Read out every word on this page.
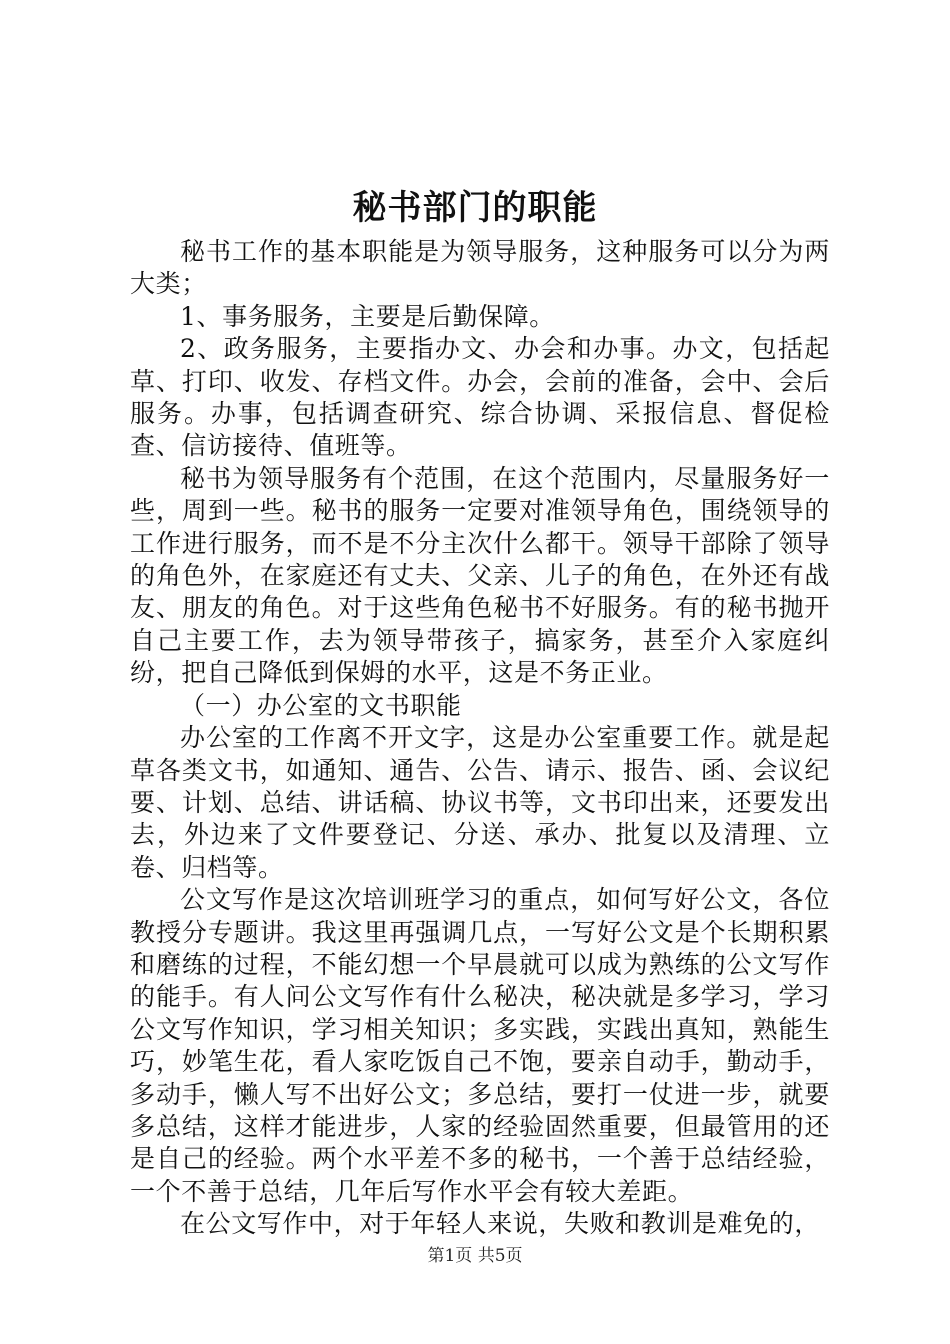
秘书部门的职能

秘书工作的基本职能是为领导服务，这种服务可以分为两大类；

1、事务服务，主要是后勤保障。

2、政务服务，主要指办文、办会和办事。办文，包括起草、打印、收发、存档文件。办会，会前的准备，会中、会后服务。办事，包括调查研究、综合协调、采报信息、督促检查、信访接待、值班等。

秘书为领导服务有个范围，在这个范围内，尽量服务好一些，周到一些。秘书的服务一定要对准领导角色，围绕领导的工作进行服务，而不是不分主次什么都干。领导干部除了领导的角色外，在家庭还有丈夫、父亲、儿子的角色，在外还有战友、朋友的角色。对于这些角色秘书不好服务。有的秘书抛开自己主要工作，去为领导带孩子，搞家务，甚至介入家庭纠纷，把自己降低到保姆的水平，这是不务正业。

（一）办公室的文书职能

办公室的工作离不开文字，这是办公室重要工作。就是起草各类文书，如通知、通告、公告、请示、报告、函、会议纪要、计划、总结、讲话稿、协议书等，文书印出来，还要发出去，外边来了文件要登记、分送、承办、批复以及清理、立卷、归档等。

公文写作是这次培训班学习的重点，如何写好公文，各位教授分专题讲。我这里再强调几点，一写好公文是个长期积累和磨练的过程，不能幻想一个早晨就可以成为熟练的公文写作的能手。有人问公文写作有什么秘决，秘决就是多学习，学习公文写作知识，学习相关知识；多实践，实践出真知，熟能生巧，妙笔生花，看人家吃饭自己不饱，要亲自动手，勤动手，多动手，懒人写不出好公文；多总结，要打一仗进一步，就要多总结，这样才能进步，人家的经验固然重要，但最管用的还是自己的经验。两个水平差不多的秘书，一个善于总结经验，一个不善于总结，几年后写作水平会有较大差距。

在公文写作中，对于年轻人来说，失败和教训是难免的，

第1页 共5页
